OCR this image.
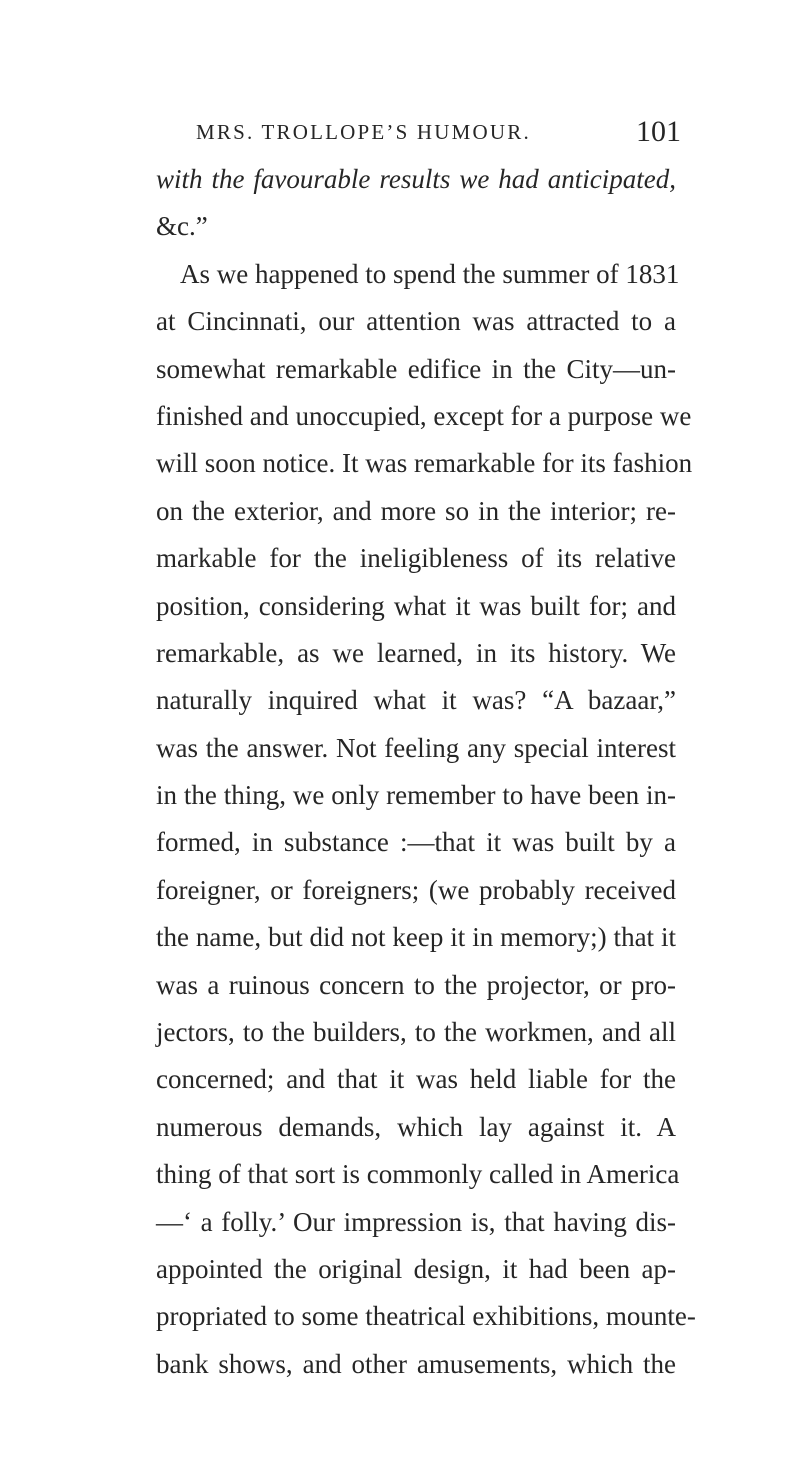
MRS. TROLLOPE’S HUMOUR.	101
with the favourable results we had anticipated,
&c.”
As we happened to spend the summer of 1831
at Cincinnati, our attention was attracted to a
somewhat remarkable edifice in the City—un-
finished and unoccupied, except for a purpose we
will soon notice. It was remarkable for its fashion
on the exterior, and more so in the interior; re-
markable for the ineligibleness of its relative
position, considering what it was built for; and
remarkable, as we learned, in its history. We
naturally inquired what it was? “A bazaar,”
was the answer. Not feeling any special interest
in the thing, we only remember to have been in-
formed, in substance :—that it was built by a
foreigner, or foreigners; (we probably received
the name, but did not keep it in memory;) that it
was a ruinous concern to the projector, or pro-
jectors, to the builders, to the workmen, and all
concerned; and that it was held liable for the
numerous demands, which lay against it. A
thing of that sort is commonly called in America
—‘ a folly.’ Our impression is, that having dis-
appointed the original design, it had been ap-
propriated to some theatrical exhibitions, mounte-
bank shows, and other amusements, which the
